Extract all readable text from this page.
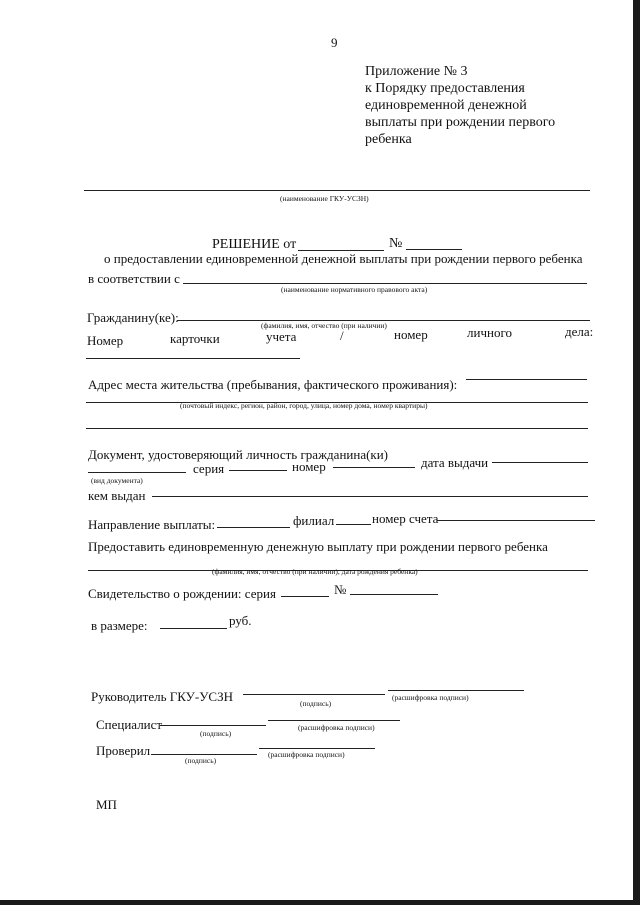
9
Приложение № 3
к Порядку предоставления
единовременной денежной
выплаты при рождении первого
ребенка
(наименование ГКУ-УСЗН)
РЕШЕНИЕ от	№
о предоставлении единовременной денежной выплаты при рождении первого ребенка
в соответствии с
(наименование нормативного правового акта)
Гражданину(ке):
(фамилия, имя, отчество (при наличии)
Номер	карточки	учета	/	номер	личного	дела:
Адрес места жительства (пребывания, фактического проживания):
(почтовый индекс, регион, район, город, улица, номер дома, номер квартиры)
Документ, удостоверяющий личность гражданина(ки)
серия	номер	дата выдачи
(вид документа)
кем выдан
Направление выплаты:	филиал	номер счета
Предоставить единовременную денежную выплату при рождении первого ребенка
(фамилия, имя, отчество (при наличии), дата рождения ребенка)
Свидетельство о рождении: серия	№
в размере:	руб.
Руководитель ГКУ-УСЗН	(подпись)
(расшифровка подписи)
Специалист
(подпись)
(расшифровка подписи)
Проверил
(подпись)
(расшифровка подписи)
МП
